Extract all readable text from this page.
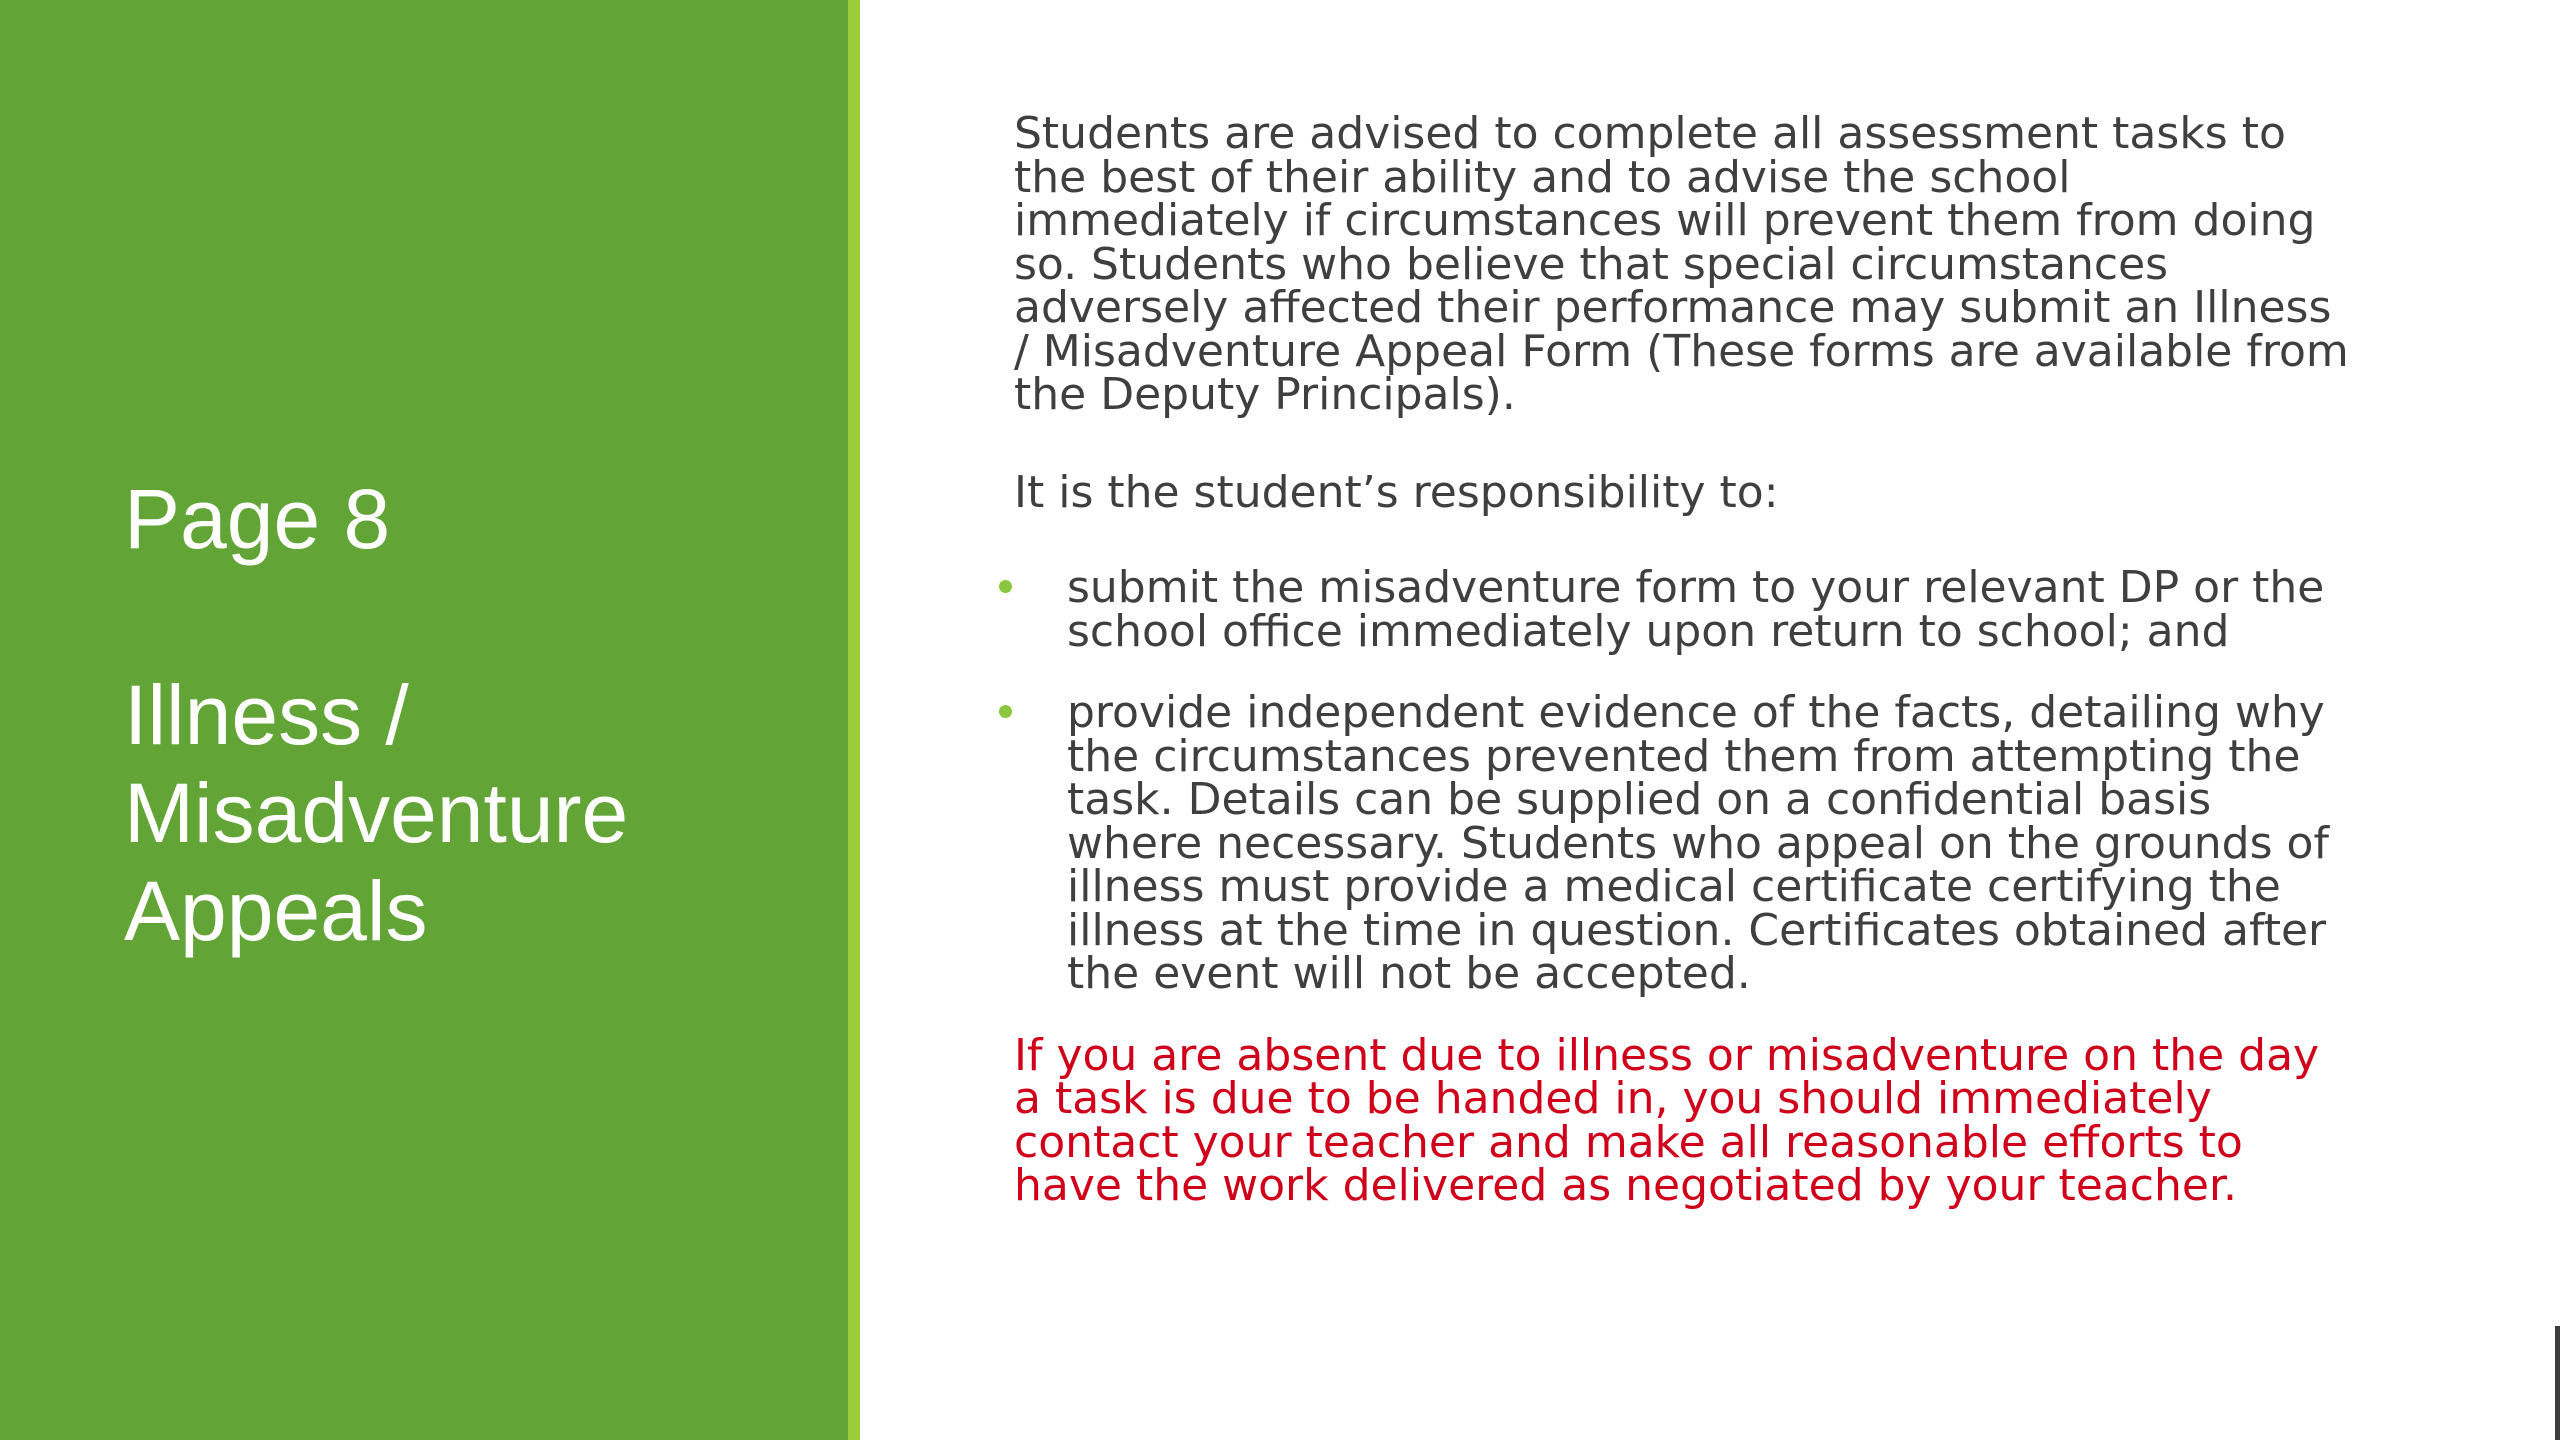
Page 8

Illness /
Misadventure
Appeals

Students are advised to complete all assessment tasks to the best of their ability and to advise the school immediately if circumstances will prevent them from doing so. Students who believe that special circumstances adversely affected their performance may submit an Illness / Misadventure Appeal Form (These forms are available from the Deputy Principals).

It is the student’s responsibility to:

submit the misadventure form to your relevant DP or the school office immediately upon return to school; and
provide independent evidence of the facts, detailing why the circumstances prevented them from attempting the task. Details can be supplied on a confidential basis where necessary. Students who appeal on the grounds of illness must provide a medical certificate certifying the illness at the time in question. Certificates obtained after the event will not be accepted.

If you are absent due to illness or misadventure on the day a task is due to be handed in, you should immediately contact your teacher and make all reasonable efforts to have the work delivered as negotiated by your teacher.
